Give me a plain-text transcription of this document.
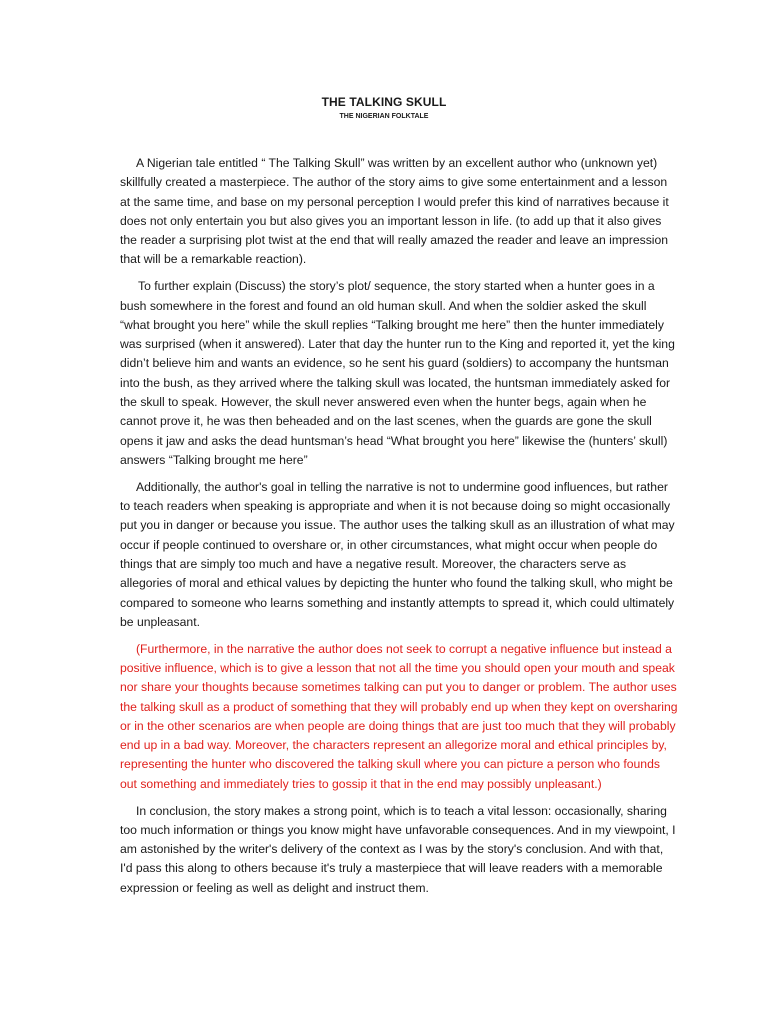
THE TALKING SKULL
THE NIGERIAN FOLKTALE

A Nigerian tale entitled “ The Talking Skull” was written by an excellent author who (unknown yet) skillfully created a masterpiece. The author of the story aims to give some entertainment and a lesson at the same time, and base on my personal perception I would prefer this kind of narratives because it does not only entertain you but also gives you an important lesson in life. (to add up that it also gives the reader a surprising plot twist at the end that will really amazed the reader and leave an impression that will be a remarkable reaction).

To further explain (Discuss) the story’s plot/ sequence, the story started when a hunter goes in a bush somewhere in the forest and found an old human skull. And when the soldier asked the skull “what brought you here” while the skull replies “Talking brought me here” then the hunter immediately was surprised (when it answered). Later that day the hunter run to the King and reported it, yet the king didn’t believe him and wants an evidence, so he sent his guard (soldiers) to accompany the huntsman into the bush, as they arrived where the talking skull was located, the huntsman immediately asked for the skull to speak. However, the skull never answered even when the hunter begs, again when he cannot prove it, he was then beheaded and on the last scenes, when the guards are gone the skull opens it jaw and asks the dead huntsman’s head “What brought you here” likewise the (hunters’ skull) answers “Talking brought me here”

Additionally, the author's goal in telling the narrative is not to undermine good influences, but rather to teach readers when speaking is appropriate and when it is not because doing so might occasionally put you in danger or because you issue. The author uses the talking skull as an illustration of what may occur if people continued to overshare or, in other circumstances, what might occur when people do things that are simply too much and have a negative result. Moreover, the characters serve as allegories of moral and ethical values by depicting the hunter who found the talking skull, who might be compared to someone who learns something and instantly attempts to spread it, which could ultimately be unpleasant.

(Furthermore, in the narrative the author does not seek to corrupt a negative influence but instead a positive influence, which is to give a lesson that not all the time you should open your mouth and speak nor share your thoughts because sometimes talking can put you to danger or problem. The author uses the talking skull as a product of something that they will probably end up when they kept on oversharing or in the other scenarios are when people are doing things that are just too much that they will probably end up in a bad way. Moreover, the characters represent an allegorize moral and ethical principles by, representing the hunter who discovered the talking skull where you can picture a person who founds out something and immediately tries to gossip it that in the end may possibly unpleasant.)

In conclusion, the story makes a strong point, which is to teach a vital lesson: occasionally, sharing too much information or things you know might have unfavorable consequences. And in my viewpoint, I am astonished by the writer's delivery of the context as I was by the story's conclusion. And with that, I'd pass this along to others because it's truly a masterpiece that will leave readers with a memorable expression or feeling as well as delight and instruct them.
